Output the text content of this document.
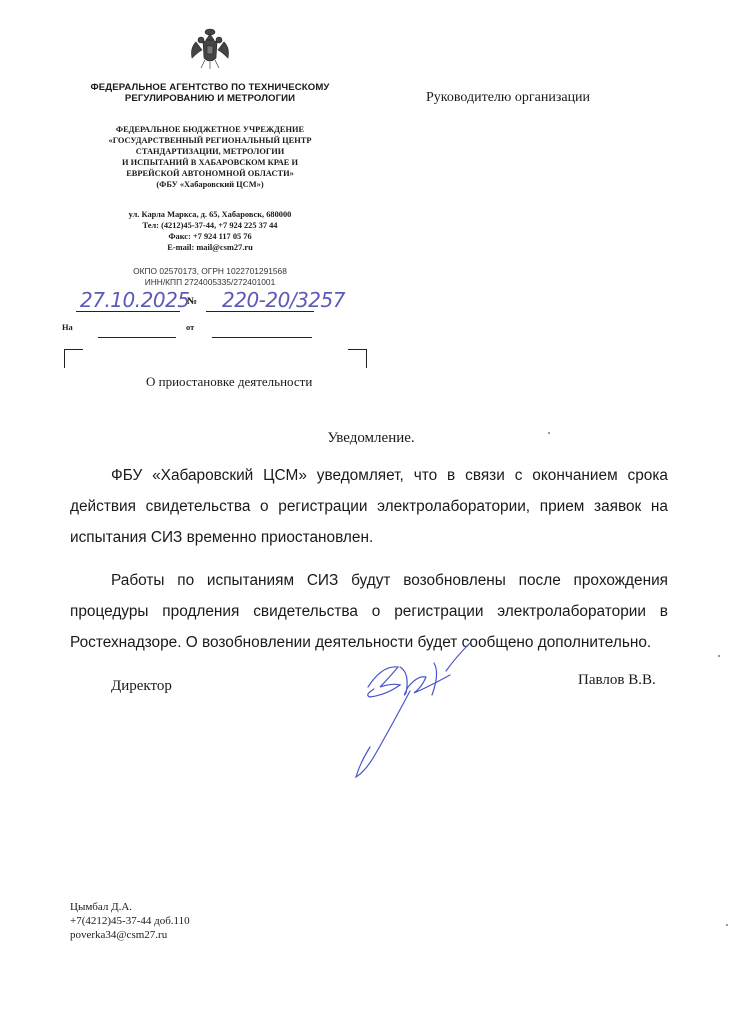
ФЕДЕРАЛЬНОЕ АГЕНТСТВО ПО ТЕХНИЧЕСКОМУ
РЕГУЛИРОВАНИЮ И МЕТРОЛОГИИ
ФЕДЕРАЛЬНОЕ БЮДЖЕТНОЕ УЧРЕЖДЕНИЕ
«ГОСУДАРСТВЕННЫЙ РЕГИОНАЛЬНЫЙ ЦЕНТР
СТАНДАРТИЗАЦИИ, МЕТРОЛОГИИ
И ИСПЫТАНИЙ В ХАБАРОВСКОМ КРАЕ И
ЕВРЕЙСКОЙ АВТОНОМНОЙ ОБЛАСТИ»
(ФБУ «Хабаровский ЦСМ»)
ул. Карла Маркса, д. 65, Хабаровск, 680000
Тел: (4212)45-37-44, +7 924 225 37 44
Факс: +7 924 117 05 76
E-mail: mail@csm27.ru
ОКПО 02570173, ОГРН 1022701291568
ИНН/КПП 2724005335/272401001
27.10.2025
№ 220-20/3257
На	от
О приостановке деятельности
Руководителю организации
Уведомление.
ФБУ «Хабаровский ЦСМ» уведомляет, что в связи с окончанием срока действия свидетельства о регистрации электролаборатории, прием заявок на испытания СИЗ временно приостановлен.
Работы по испытаниям СИЗ будут возобновлены после прохождения процедуры продления свидетельства о регистрации электролаборатории в Ростехнадзоре. О возобновлении деятельности будет сообщено дополнительно.
Директор	Павлов В.В.
Цымбал Д.А.
+7(4212)45-37-44 доб.110
poverka34@csm27.ru
